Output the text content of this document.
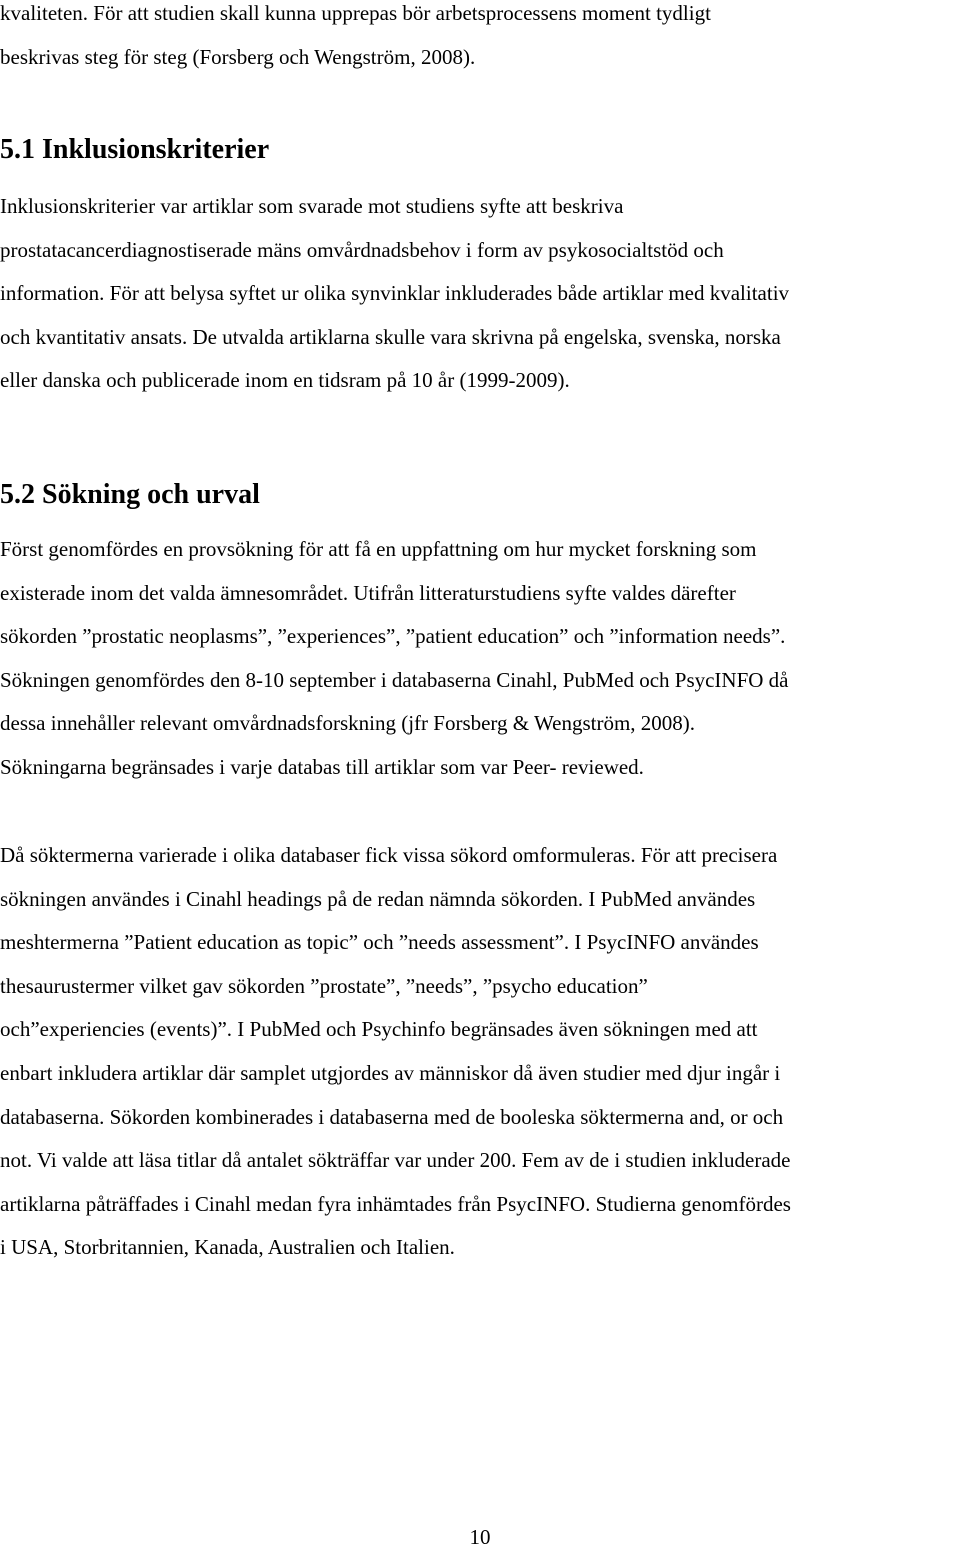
kvaliteten. För att studien skall kunna upprepas bör arbetsprocessens moment tydligt
beskrivas steg för steg (Forsberg och Wengström, 2008).
5.1 Inklusionskriterier
Inklusionskriterier var artiklar som svarade mot studiens syfte att beskriva
prostatacancerdiagnostiserade mäns omvårdnadsbehov i form av psykosocialtstöd och
information. För att belysa syftet ur olika synvinklar inkluderades både artiklar med kvalitativ
och kvantitativ ansats. De utvalda artiklarna skulle vara skrivna på engelska, svenska, norska
eller danska och publicerade inom en tidsram på 10 år (1999-2009).
5.2 Sökning och urval
Först genomfördes en provsökning för att få en uppfattning om hur mycket forskning som
existerade inom det valda ämnesområdet. Utifrån litteraturstudiens syfte valdes därefter
sökorden ”prostatic neoplasms”, ”experiences”, ”patient education” och ”information needs”.
Sökningen genomfördes den 8-10 september i databaserna Cinahl, PubMed och PsycINFO då
dessa innehåller relevant omvårdnadsforskning (jfr Forsberg & Wengström, 2008).
Sökningarna begränsades i varje databas till artiklar som var Peer- reviewed.
Då söktermerna varierade i olika databaser fick vissa sökord omformuleras. För att precisera
sökningen användes i Cinahl headings på de redan nämnda sökorden. I PubMed användes
meshtermerna ”Patient education as topic” och ”needs assessment”. I PsycINFO användes
thesaurustermer vilket gav sökorden ”prostate”, ”needs”, ”psycho education”
och”experiencies (events)”. I PubMed och Psychinfo begränsades även sökningen med att
enbart inkludera artiklar där samplet utgjordes av människor då även studier med djur ingår i
databaserna. Sökorden kombinerades i databaserna med de booleska söktermerna and, or och
not. Vi valde att läsa titlar då antalet sökträffar var under 200. Fem av de i studien inkluderade
artiklarna påträffades i Cinahl medan fyra inhämtades från PsycINFO. Studierna genomfördes
i USA, Storbritannien, Kanada, Australien och Italien.
10
